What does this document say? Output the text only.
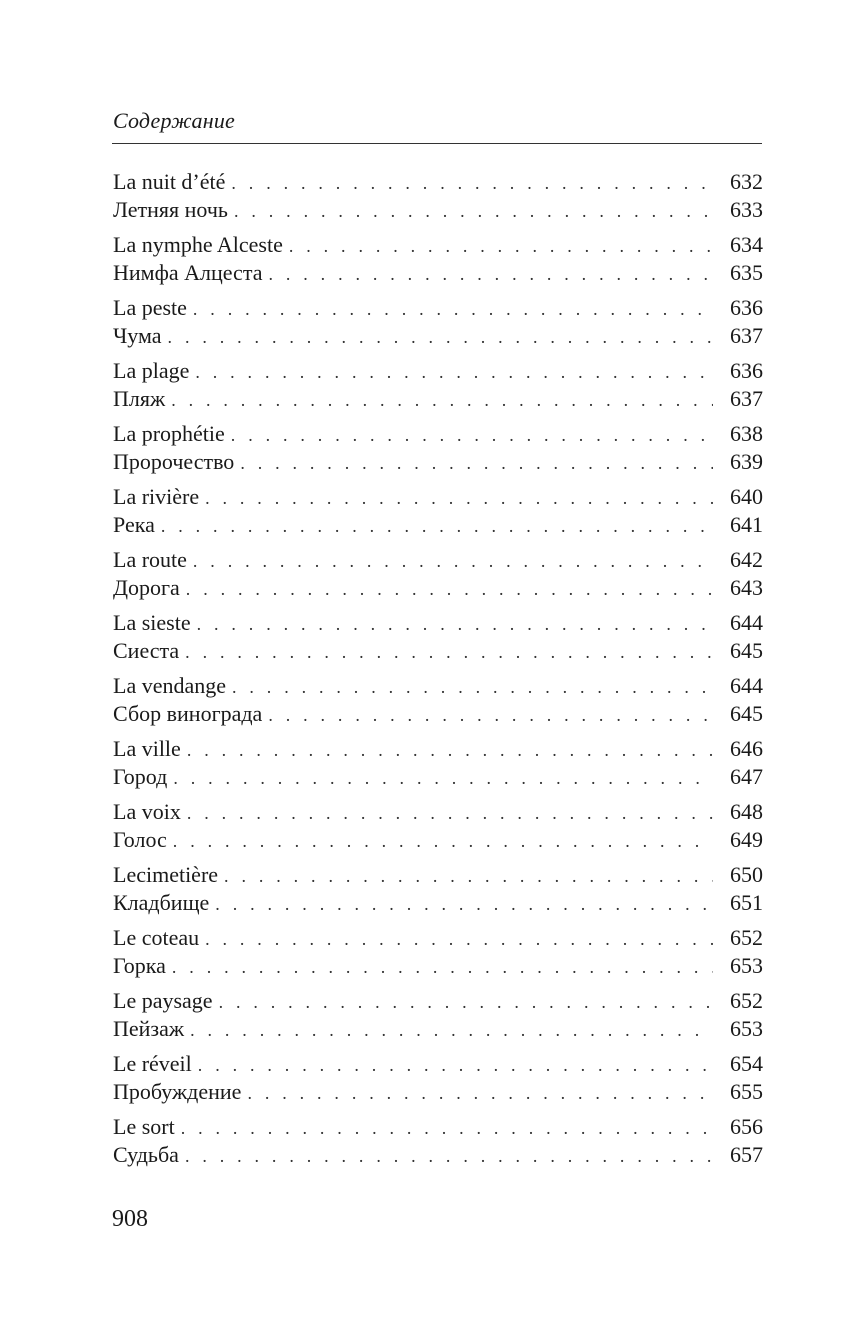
Содержание
La nuit d’été . . .	632
Летняя ночь . . .	633
La nymphe Alceste . . .	634
Нимфа Алцеста . . .	635
La peste . . .	636
Чума . . .	637
La plage . . .	636
Пляж . . .	637
La prophétie . . .	638
Пророчество . . .	639
La rivière . . .	640
Река . . .	641
La route . . .	642
Дорога . . .	643
La sieste . . .	644
Сиеста . . .	645
La vendange . . .	644
Сбор винограда . . .	645
La ville . . .	646
Город . . .	647
La voix . . .	648
Голос . . .	649
Lecimetière . . .	650
Кладбище . . .	651
Le coteau . . .	652
Горка . . .	653
Le paysage . . .	652
Пейзаж . . .	653
Le réveil . . .	654
Пробуждение . . .	655
Le sort . . .	656
Судьба . . .	657
908
